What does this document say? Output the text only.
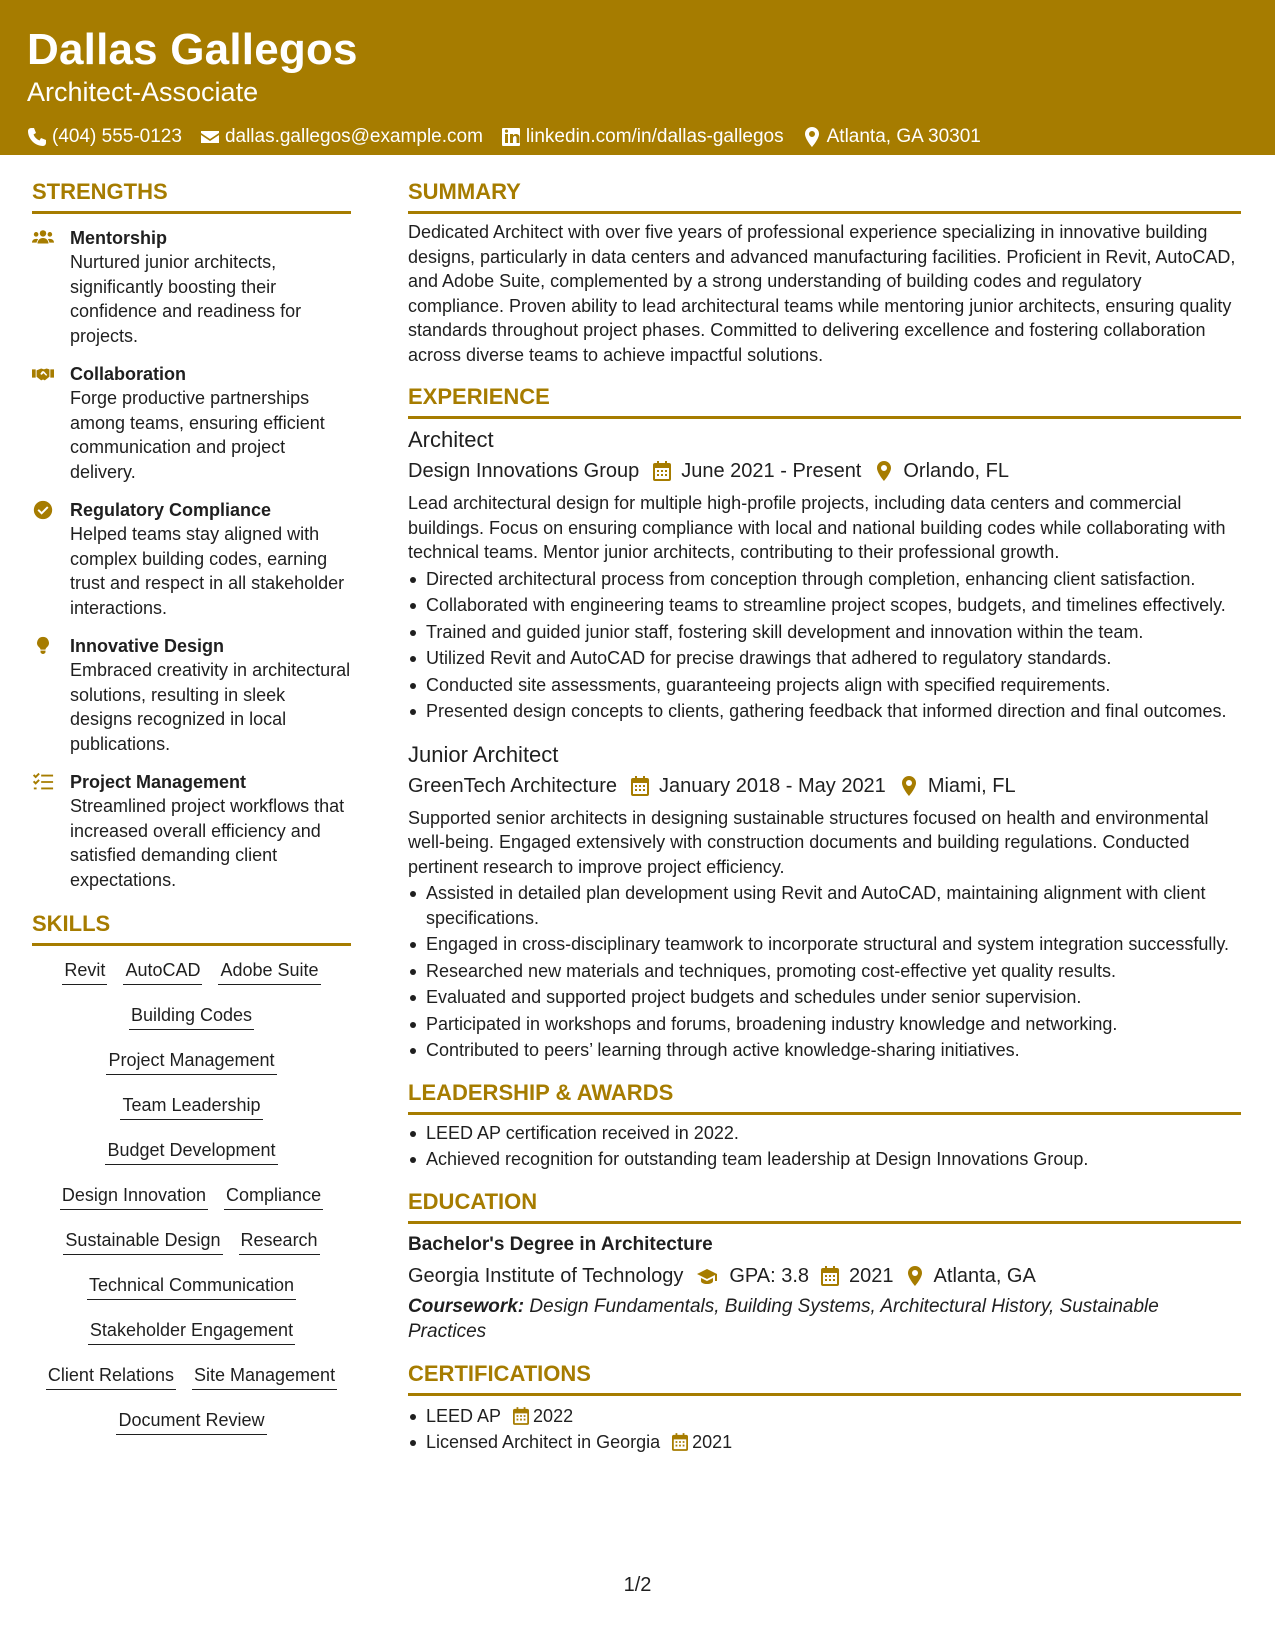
Dallas Gallegos
Architect-Associate
(404) 555-0123 dallas.gallegos@example.com linkedin.com/in/dallas-gallegos Atlanta, GA 30301
STRENGTHS
Mentorship
Nurtured junior architects, significantly boosting their confidence and readiness for projects.
Collaboration
Forge productive partnerships among teams, ensuring efficient communication and project delivery.
Regulatory Compliance
Helped teams stay aligned with complex building codes, earning trust and respect in all stakeholder interactions.
Innovative Design
Embraced creativity in architectural solutions, resulting in sleek designs recognized in local publications.
Project Management
Streamlined project workflows that increased overall efficiency and satisfied demanding client expectations.
SKILLS
Revit AutoCAD Adobe Suite
Building Codes
Project Management
Team Leadership
Budget Development
Design Innovation Compliance
Sustainable Design Research
Technical Communication
Stakeholder Engagement
Client Relations Site Management
Document Review
SUMMARY
Dedicated Architect with over five years of professional experience specializing in innovative building designs, particularly in data centers and advanced manufacturing facilities. Proficient in Revit, AutoCAD, and Adobe Suite, complemented by a strong understanding of building codes and regulatory compliance. Proven ability to lead architectural teams while mentoring junior architects, ensuring quality standards throughout project phases. Committed to delivering excellence and fostering collaboration across diverse teams to achieve impactful solutions.
EXPERIENCE
Architect
Design Innovations Group June 2021 - Present Orlando, FL
Lead architectural design for multiple high-profile projects, including data centers and commercial buildings. Focus on ensuring compliance with local and national building codes while collaborating with technical teams. Mentor junior architects, contributing to their professional growth.
Directed architectural process from conception through completion, enhancing client satisfaction.
Collaborated with engineering teams to streamline project scopes, budgets, and timelines effectively.
Trained and guided junior staff, fostering skill development and innovation within the team.
Utilized Revit and AutoCAD for precise drawings that adhered to regulatory standards.
Conducted site assessments, guaranteeing projects align with specified requirements.
Presented design concepts to clients, gathering feedback that informed direction and final outcomes.
Junior Architect
GreenTech Architecture January 2018 - May 2021 Miami, FL
Supported senior architects in designing sustainable structures focused on health and environmental well-being. Engaged extensively with construction documents and building regulations. Conducted pertinent research to improve project efficiency.
Assisted in detailed plan development using Revit and AutoCAD, maintaining alignment with client specifications.
Engaged in cross-disciplinary teamwork to incorporate structural and system integration successfully.
Researched new materials and techniques, promoting cost-effective yet quality results.
Evaluated and supported project budgets and schedules under senior supervision.
Participated in workshops and forums, broadening industry knowledge and networking.
Contributed to peers’ learning through active knowledge-sharing initiatives.
LEADERSHIP & AWARDS
LEED AP certification received in 2022.
Achieved recognition for outstanding team leadership at Design Innovations Group.
EDUCATION
Bachelor's Degree in Architecture
Georgia Institute of Technology GPA: 3.8 2021 Atlanta, GA
Coursework: Design Fundamentals, Building Systems, Architectural History, Sustainable Practices
CERTIFICATIONS
LEED AP 2022
Licensed Architect in Georgia 2021
1/2
